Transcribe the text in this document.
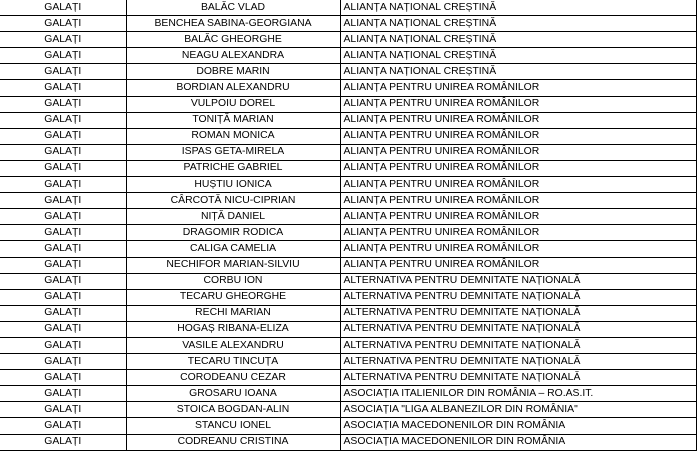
GALAȚI	BALĂC VLAD	ALIANȚA NAȚIONAL CREȘTINĂ
GALAȚI	BENCHEA SABINA-GEORGIANA	ALIANȚA NAȚIONAL CREȘTINĂ
GALAȚI	BALĂC GHEORGHE	ALIANȚA NAȚIONAL CREȘTINĂ
GALAȚI	NEAGU ALEXANDRA	ALIANȚA NAȚIONAL CREȘTINĂ
GALAȚI	DOBRE MARIN	ALIANȚA NAȚIONAL CREȘTINĂ
GALAȚI	BORDIAN ALEXANDRU	ALIANȚA PENTRU UNIREA ROMÂNILOR
GALAȚI	VULPOIU DOREL	ALIANȚA PENTRU UNIREA ROMÂNILOR
GALAȚI	TONIȚĂ MARIAN	ALIANȚA PENTRU UNIREA ROMÂNILOR
GALAȚI	ROMAN MONICA	ALIANȚA PENTRU UNIREA ROMÂNILOR
GALAȚI	ISPAS GETA-MIRELA	ALIANȚA PENTRU UNIREA ROMÂNILOR
GALAȚI	PATRICHE GABRIEL	ALIANȚA PENTRU UNIREA ROMÂNILOR
GALAȚI	HUȘTIU IONICA	ALIANȚA PENTRU UNIREA ROMÂNILOR
GALAȚI	CÂRCOTĂ NICU-CIPRIAN	ALIANȚA PENTRU UNIREA ROMÂNILOR
GALAȚI	NIȚĂ DANIEL	ALIANȚA PENTRU UNIREA ROMÂNILOR
GALAȚI	DRAGOMIR RODICA	ALIANȚA PENTRU UNIREA ROMÂNILOR
GALAȚI	CALIGA CAMELIA	ALIANȚA PENTRU UNIREA ROMÂNILOR
GALAȚI	NECHIFOR MARIAN-SILVIU	ALIANȚA PENTRU UNIREA ROMÂNILOR
GALAȚI	CORBU ION	ALTERNATIVA PENTRU DEMNITATE NAȚIONALĂ
GALAȚI	TECARU GHEORGHE	ALTERNATIVA PENTRU DEMNITATE NAȚIONALĂ
GALAȚI	RECHI MARIAN	ALTERNATIVA PENTRU DEMNITATE NAȚIONALĂ
GALAȚI	HOGAȘ RIBANA-ELIZA	ALTERNATIVA PENTRU DEMNITATE NAȚIONALĂ
GALAȚI	VASILE ALEXANDRU	ALTERNATIVA PENTRU DEMNITATE NAȚIONALĂ
GALAȚI	TECARU TINCUȚA	ALTERNATIVA PENTRU DEMNITATE NAȚIONALĂ
GALAȚI	CORODEANU CEZAR	ALTERNATIVA PENTRU DEMNITATE NAȚIONALĂ
GALAȚI	GROSARU IOANA	ASOCIAȚIA ITALIENILOR DIN ROMÂNIA – RO.AS.IT.
GALAȚI	STOICA BOGDAN-ALIN	ASOCIAȚIA "LIGA ALBANEZILOR DIN ROMÂNIA"
GALAȚI	STANCU IONEL	ASOCIAȚIA MACEDONENILOR DIN ROMÂNIA
GALAȚI	CODREANU CRISTINA	ASOCIAȚIA MACEDONENILOR DIN ROMÂNIA
